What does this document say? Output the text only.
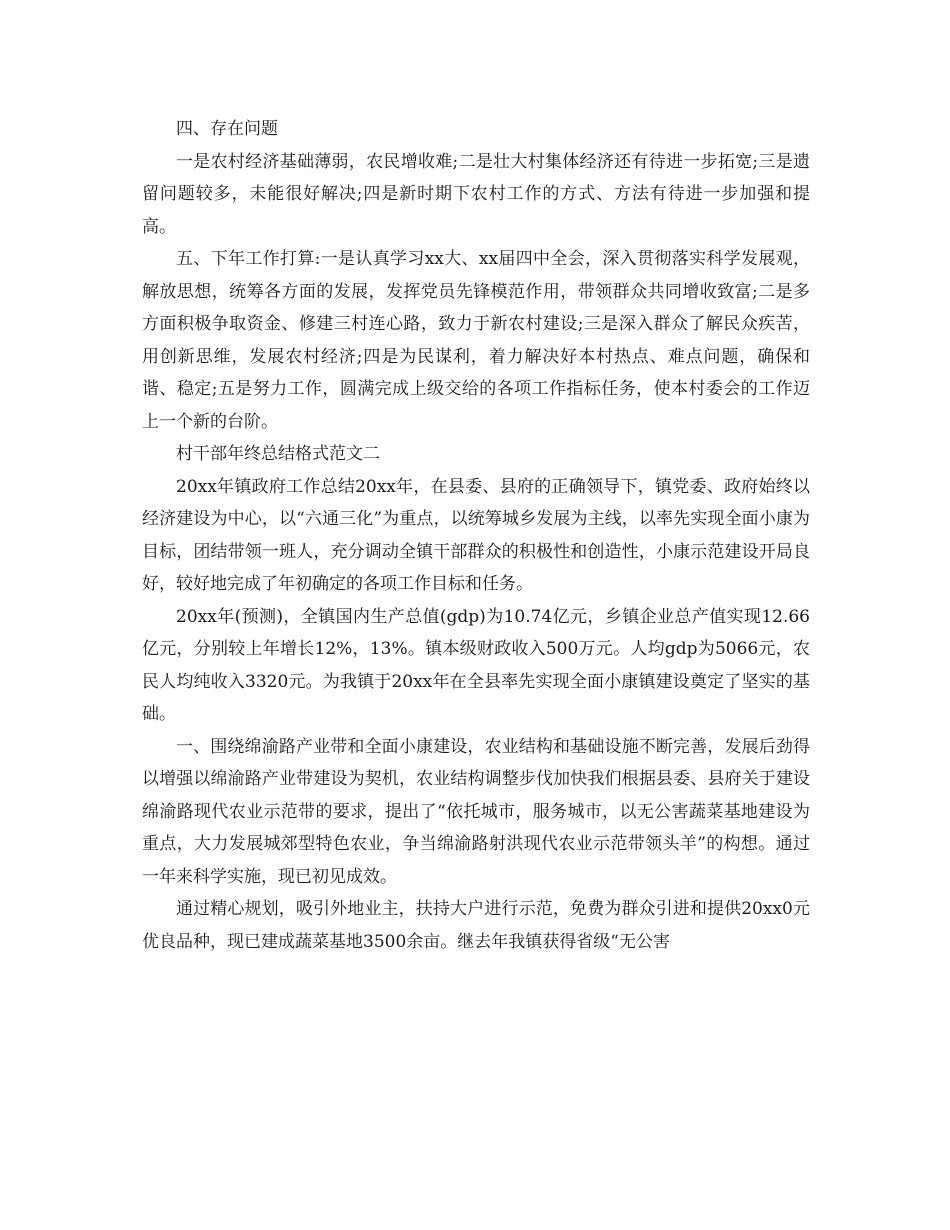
四、存在问题

一是农村经济基础薄弱，农民增收难;二是壮大村集体经济还有待进一步拓宽;三是遗留问题较多，未能很好解决;四是新时期下农村工作的方式、方法有待进一步加强和提高。

五、下年工作打算:一是认真学习xx大、xx届四中全会，深入贯彻落实科学发展观，解放思想，统筹各方面的发展，发挥党员先锋模范作用，带领群众共同增收致富;二是多方面积极争取资金、修建三村连心路，致力于新农村建设;三是深入群众了解民众疾苦，用创新思维，发展农村经济;四是为民谋利，着力解决好本村热点、难点问题，确保和谐、稳定;五是努力工作，圆满完成上级交给的各项工作指标任务，使本村委会的工作迈上一个新的台阶。

村干部年终总结格式范文二

20xx年镇政府工作总结20xx年，在县委、县府的正确领导下，镇党委、政府始终以经济建设为中心，以“六通三化”为重点，以统筹城乡发展为主线，以率先实现全面小康为目标，团结带领一班人，充分调动全镇干部群众的积极性和创造性，小康示范建设开局良好，较好地完成了年初确定的各项工作目标和任务。

20xx年(预测)，全镇国内生产总值(gdp)为10.74亿元，乡镇企业总产值实现12.66亿元，分别较上年增长12%，13%。镇本级财政收入500万元。人均gdp为5066元，农民人均纯收入3320元。为我镇于20xx年在全县率先实现全面小康镇建设奠定了坚实的基础。

一、围绕绵渝路产业带和全面小康建设，农业结构和基础设施不断完善，发展后劲得以增强以绵渝路产业带建设为契机，农业结构调整步伐加快我们根据县委、县府关于建设绵渝路现代农业示范带的要求，提出了“依托城市，服务城市，以无公害蔬菜基地建设为重点，大力发展城郊型特色农业，争当绵渝路射洪现代农业示范带领头羊”的构想。通过一年来科学实施，现已初见成效。

通过精心规划，吸引外地业主，扶持大户进行示范，免费为群众引进和提供20xx0元优良品种，现已建成蔬菜基地3500余亩。继去年我镇获得省级“无公害
